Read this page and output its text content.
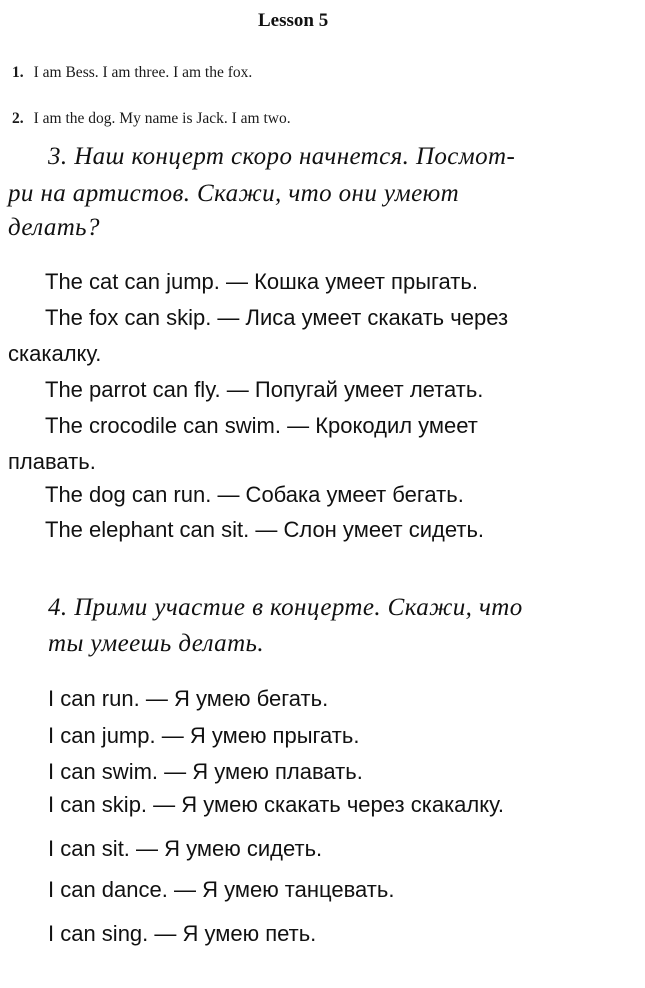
Lesson 5
1. I am Bess. I am three. I am the fox.
2. I am the dog. My name is Jack. I am two.
3. Наш концерт скоро начнется. Посмот-
ри на артистов. Скажи, что они умеют
делать?
The cat can jump. — Кошка умеет прыгать.
The fox can skip. — Лиса умеет скакать через
скакалку.
The parrot can fly. — Попугай умеет летать.
The crocodile can swim. — Крокодил умеет
плавать.
The dog can run. — Собака умеет бегать.
The elephant can sit. — Слон умеет сидеть.
4. Прими участие в концерте. Скажи, что
ты умеешь делать.
I can run. — Я умею бегать.
I can jump. — Я умею прыгать.
I can swim. — Я умею плавать.
I can skip. — Я умею скакать через скакалку.
I can sit. — Я умею сидеть.
I can dance. — Я умею танцевать.
I can sing. — Я умею петь.
